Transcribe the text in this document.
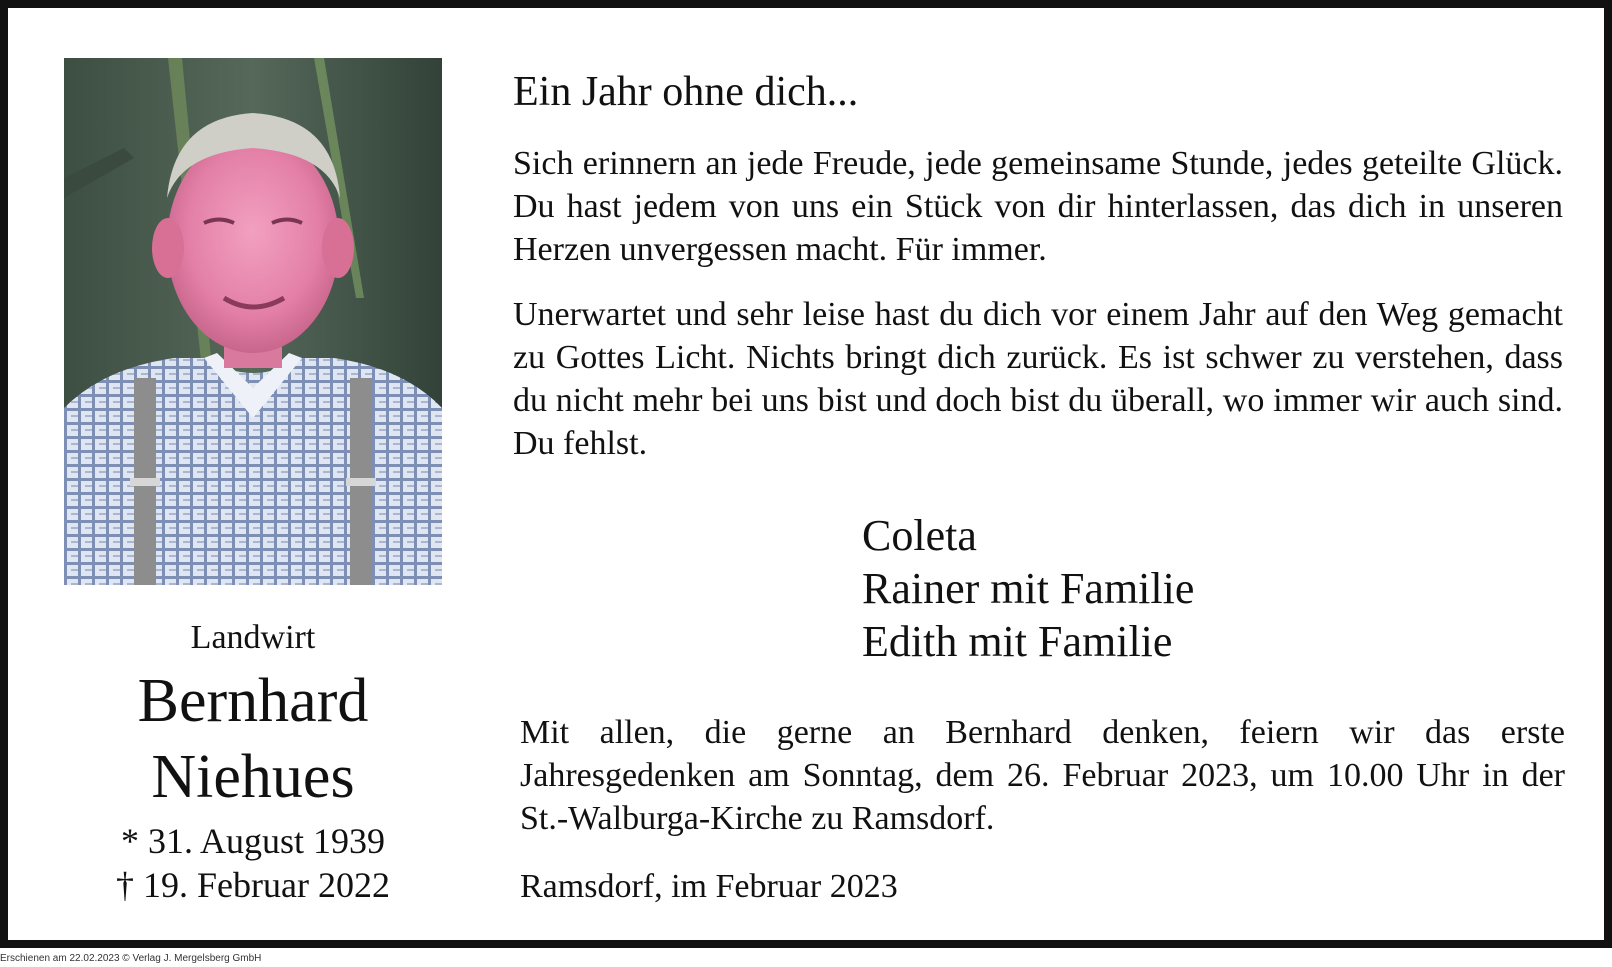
Landwirt
Bernhard
Niehues
* 31. August 1939
† 19. Februar 2022
Ein Jahr ohne dich...
Sich erinnern an jede Freude, jede gemeinsame Stunde, jedes geteilte Glück. Du hast jedem von uns ein Stück von dir hinterlassen, das dich in unseren Herzen unvergessen macht. Für immer.
Unerwartet und sehr leise hast du dich vor einem Jahr auf den Weg gemacht zu Gottes Licht. Nichts bringt dich zurück. Es ist schwer zu verstehen, dass du nicht mehr bei uns bist und doch bist du überall, wo immer wir auch sind. Du fehlst.
Coleta
Rainer mit Familie
Edith mit Familie
Mit allen, die gerne an Bernhard denken, feiern wir das erste Jahresgedenken am Sonntag, dem 26. Februar 2023, um 10.00 Uhr in der St.-Walburga-Kirche zu Ramsdorf.
Ramsdorf, im Februar 2023
Erschienen am 22.02.2023 © Verlag J. Mergelsberg GmbH
